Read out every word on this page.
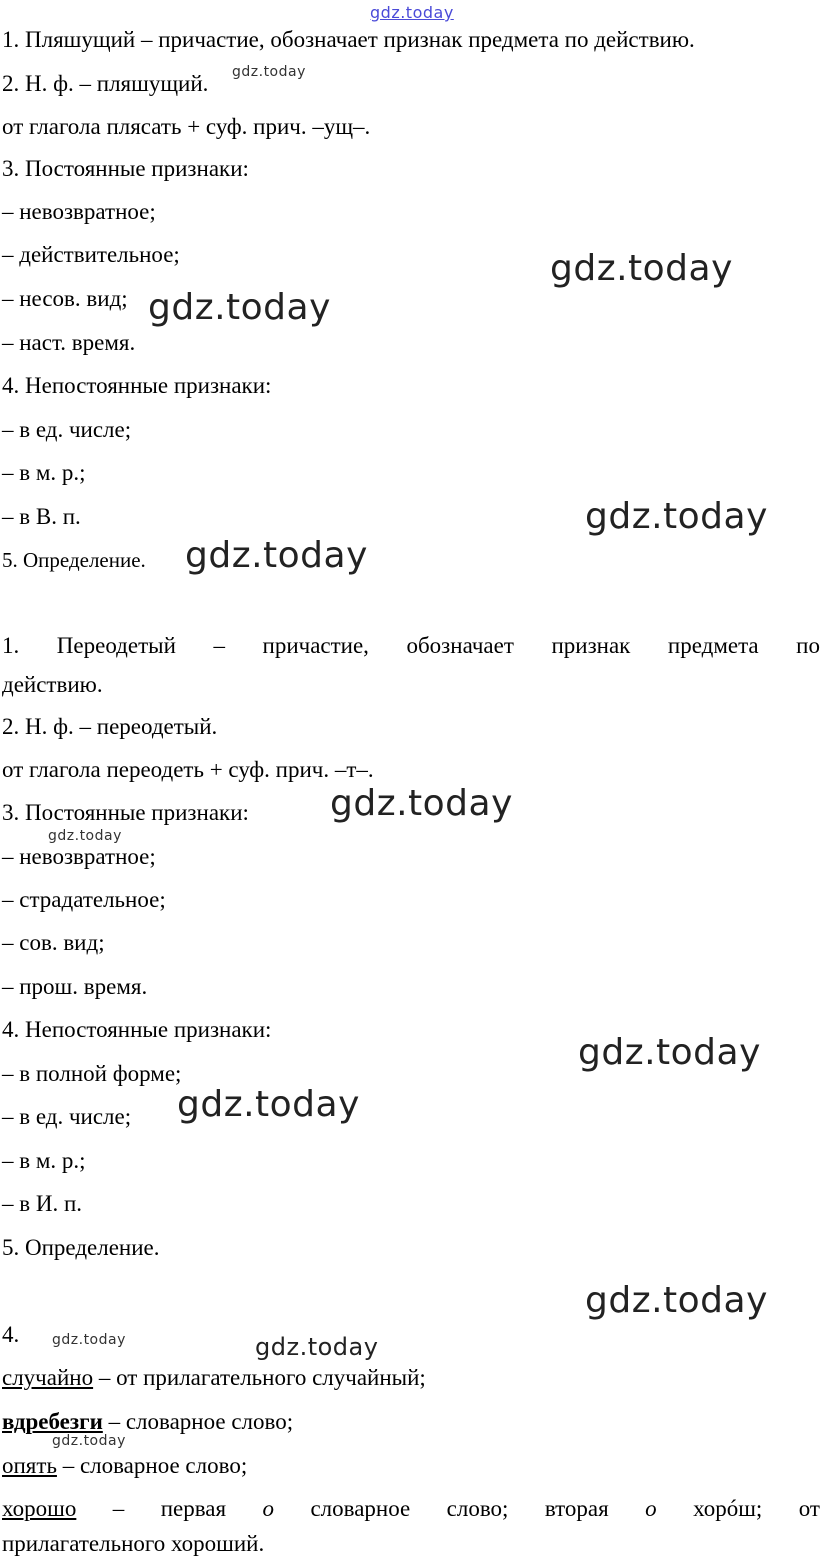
gdz.today
1. Пляшущий – причастие, обозначает признак предмета по действию.
2. Н. ф. – пляшущий.
от глагола плясать + суф. прич. –ущ–.
3. Постоянные признаки:
– невозвратное;
– действительное;
– несов. вид;
– наст. время.
4. Непостоянные признаки:
– в ед. числе;
– в м. р.;
– в В. п.
5. Определение.
1. Переодетый – причастие, обозначает признак предмета по
действию.
2. Н. ф. – переодетый.
от глагола переодеть + суф. прич. –т–.
3. Постоянные признаки:
– невозвратное;
– страдательное;
– сов. вид;
– прош. время.
4. Непостоянные признаки:
– в полной форме;
– в ед. числе;
– в м. р.;
– в И. п.
5. Определение.
4.
случайно – от прилагательного случайный;
вдребезги – словарное слово;
опять – словарное слово;
хорошо – первая о словарное слово; вторая о хорóш; от
прилагательного хороший.
gdz.today
gdz.today
gdz.today
gdz.today
gdz.today
gdz.today
gdz.today
gdz.today
gdz.today
gdz.today
gdz.today	gdz.today
gdz.today
